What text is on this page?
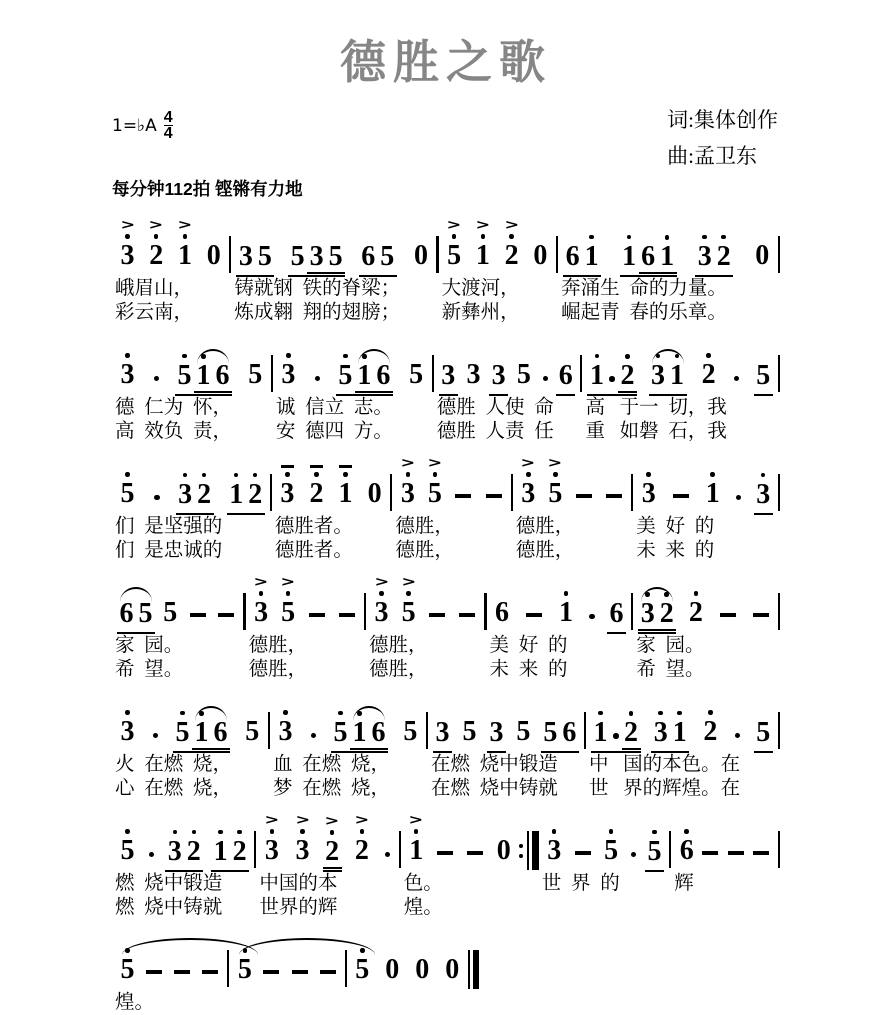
德胜之歌
1=♭A 4
4
词:集体创作
曲:孟卫东
每分钟112拍 铿锵有力地
>
3
>
2
>
1 0
峨眉山，
彩云南，
3 5 5 3 5 6 5 0
铸就钢  铁的脊梁；
炼成翱  翔的翅膀；
>
5
>
1
>
2 0
大渡河，
新彝州，
6 1 1 6 1 3 2 0
奔涌生  命的力量。
崛起青  春的乐章。
3 5 1 6 5
德  仁为  怀，
高  效负  责，
3 5 1 6 5
诚  信立  志。
安  德四  方。
3 3 3 5 6
德胜  人使  命
德胜  人责  任
1 2 3 1 2 5
高   于一  切，我
重   如磐  石，我
5 3 2 1 2
们  是坚强的
们  是忠诚的
3 2 1 0
德胜者。
德胜者。
>
3
>
5
德胜，
德胜，
>
3
>
5
德胜，
德胜，
3 1 3
美  好  的
未  来  的
6 5 5
家  园。
希  望。
>
3
>
5
德胜，
德胜，
>
3
>
5
德胜，
德胜，
6 1 6
美  好  的
未  来  的
3 2 2
家  园。
希  望。
3 5 1 6 5
火  在燃  烧，
心  在燃  烧，
3 5 1 6 5
血  在燃  烧，
梦  在燃  烧，
3 5 3 5 5 6
在燃  烧中锻造
在燃  烧中铸就
1 2 3 1 2 5
中   国的本色。在
世   界的辉煌。在
5 3 2 1 2
燃  烧中锻造
燃  烧中铸就
>
3
>
3
>
2
>
2
中国的本
世界的辉
>
1	0
色。
煌。
3 5 5
世  界  的
6
辉
5
煌。
5	5 0 0 0
